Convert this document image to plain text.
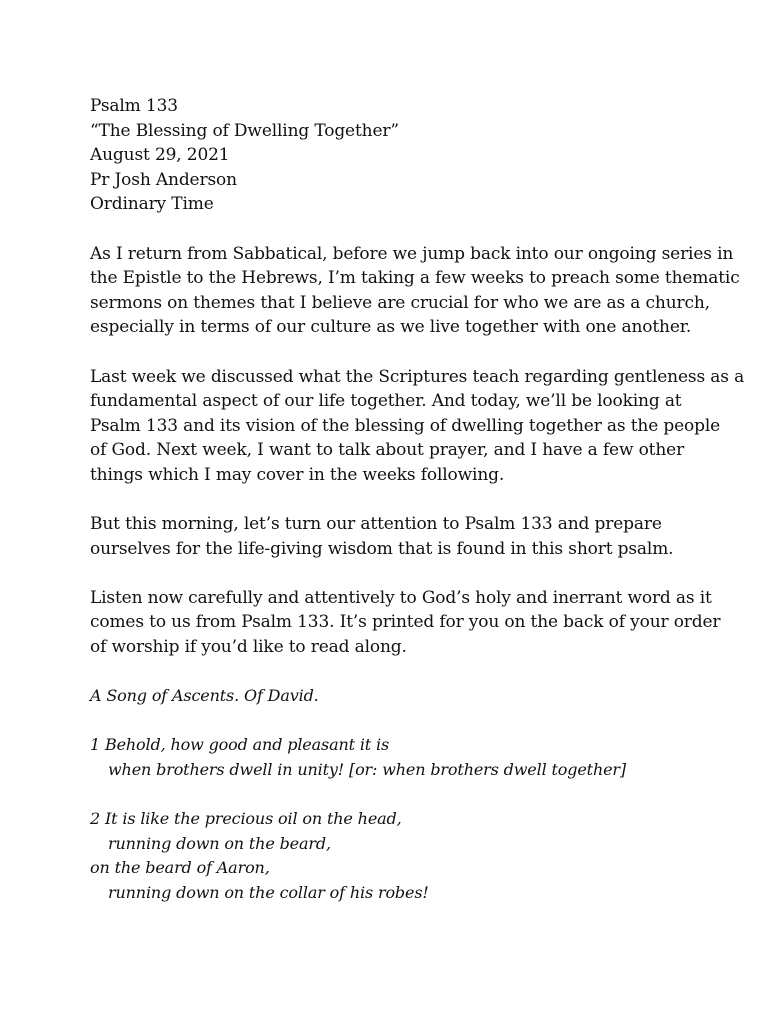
Psalm 133
“The Blessing of Dwelling Together”
August 29, 2021
Pr Josh Anderson
Ordinary Time
As I return from Sabbatical, before we jump back into our ongoing series in
the Epistle to the Hebrews, I’m taking a few weeks to preach some thematic
sermons on themes that I believe are crucial for who we are as a church,
especially in terms of our culture as we live together with one another.
Last week we discussed what the Scriptures teach regarding gentleness as a
fundamental aspect of our life together. And today, we’ll be looking at
Psalm 133 and its vision of the blessing of dwelling together as the people
of God. Next week, I want to talk about prayer, and I have a few other
things which I may cover in the weeks following.
But this morning, let’s turn our attention to Psalm 133 and prepare
ourselves for the life-giving wisdom that is found in this short psalm.
Listen now carefully and attentively to God’s holy and inerrant word as it
comes to us from Psalm 133. It’s printed for you on the back of your order
of worship if you’d like to read along.
A Song of Ascents. Of David.
1 Behold, how good and pleasant it is
when brothers dwell in unity! [or: when brothers dwell together]
2 It is like the precious oil on the head,
running down on the beard,
on the beard of Aaron,
running down on the collar of his robes!
